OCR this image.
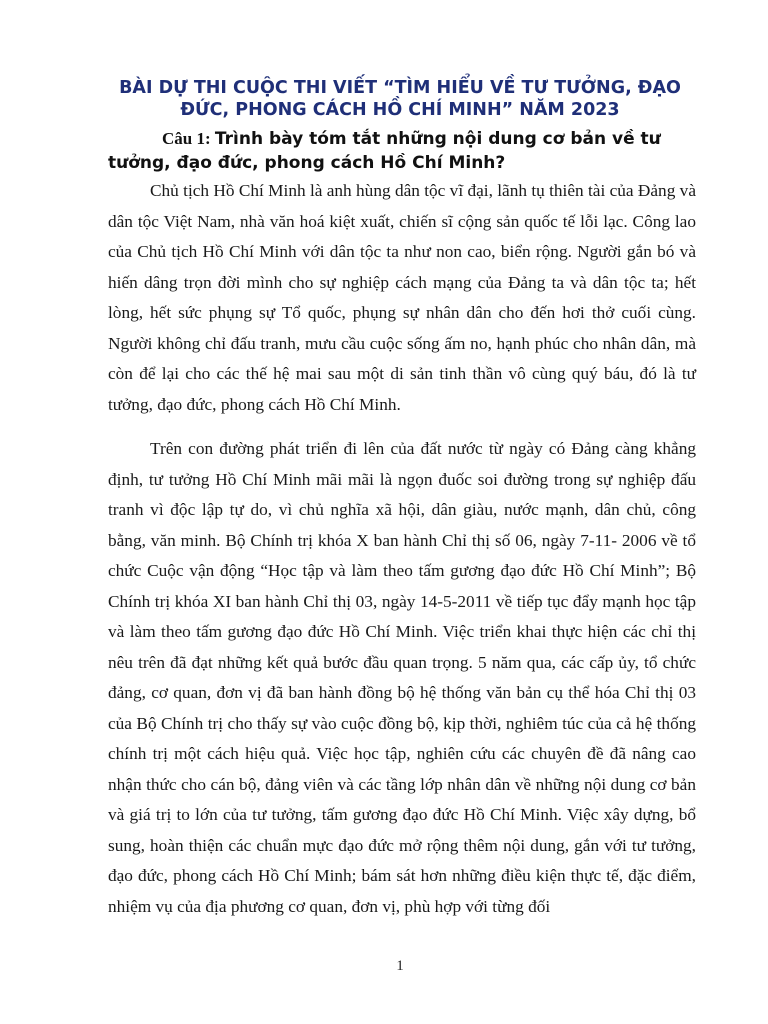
BÀI DỰ THI CUỘC THI VIẾT “TÌM HIỂU VỀ TƯ TƯỞNG, ĐẠO ĐỨC, PHONG CÁCH HỒ CHÍ MINH” NĂM 2023

Câu 1: Trình bày tóm tắt những nội dung cơ bản về tư tưởng, đạo đức, phong cách Hồ Chí Minh?

Chủ tịch Hồ Chí Minh là anh hùng dân tộc vĩ đại, lãnh tụ thiên tài của Đảng và dân tộc Việt Nam, nhà văn hoá kiệt xuất, chiến sĩ cộng sản quốc tế lỗi lạc. Công lao của Chủ tịch Hồ Chí Minh với dân tộc ta như non cao, biển rộng. Người gắn bó và hiến dâng trọn đời mình cho sự nghiệp cách mạng của Đảng ta và dân tộc ta; hết lòng, hết sức phụng sự Tổ quốc, phụng sự nhân dân cho đến hơi thở cuối cùng. Người không chỉ đấu tranh, mưu cầu cuộc sống ấm no, hạnh phúc cho nhân dân, mà còn để lại cho các thế hệ mai sau một di sản tinh thần vô cùng quý báu, đó là tư tưởng, đạo đức, phong cách Hồ Chí Minh.

Trên con đường phát triển đi lên của đất nước từ ngày có Đảng càng khẳng định, tư tưởng Hồ Chí Minh mãi mãi là ngọn đuốc soi đường trong sự nghiệp đấu tranh vì độc lập tự do, vì chủ nghĩa xã hội, dân giàu, nước mạnh, dân chủ, công bằng, văn minh. Bộ Chính trị khóa X ban hành Chỉ thị số 06, ngày 7-11- 2006 về tổ chức Cuộc vận động “Học tập và làm theo tấm gương đạo đức Hồ Chí Minh”; Bộ Chính trị khóa XI ban hành Chỉ thị 03, ngày 14-5-2011 về tiếp tục đẩy mạnh học tập và làm theo tấm gương đạo đức Hồ Chí Minh. Việc triển khai thực hiện các chỉ thị nêu trên đã đạt những kết quả bước đầu quan trọng. 5 năm qua, các cấp ủy, tổ chức đảng, cơ quan, đơn vị đã ban hành đồng bộ hệ thống văn bản cụ thể hóa Chỉ thị 03 của Bộ Chính trị cho thấy sự vào cuộc đồng bộ, kịp thời, nghiêm túc của cả hệ thống chính trị một cách hiệu quả. Việc học tập, nghiên cứu các chuyên đề đã nâng cao nhận thức cho cán bộ, đảng viên và các tầng lớp nhân dân về những nội dung cơ bản và giá trị to lớn của tư tưởng, tấm gương đạo đức Hồ Chí Minh. Việc xây dựng, bổ sung, hoàn thiện các chuẩn mực đạo đức mở rộng thêm nội dung, gắn với tư tưởng, đạo đức, phong cách Hồ Chí Minh; bám sát hơn những điều kiện thực tế, đặc điểm, nhiệm vụ của địa phương cơ quan, đơn vị, phù hợp với từng đối

1
